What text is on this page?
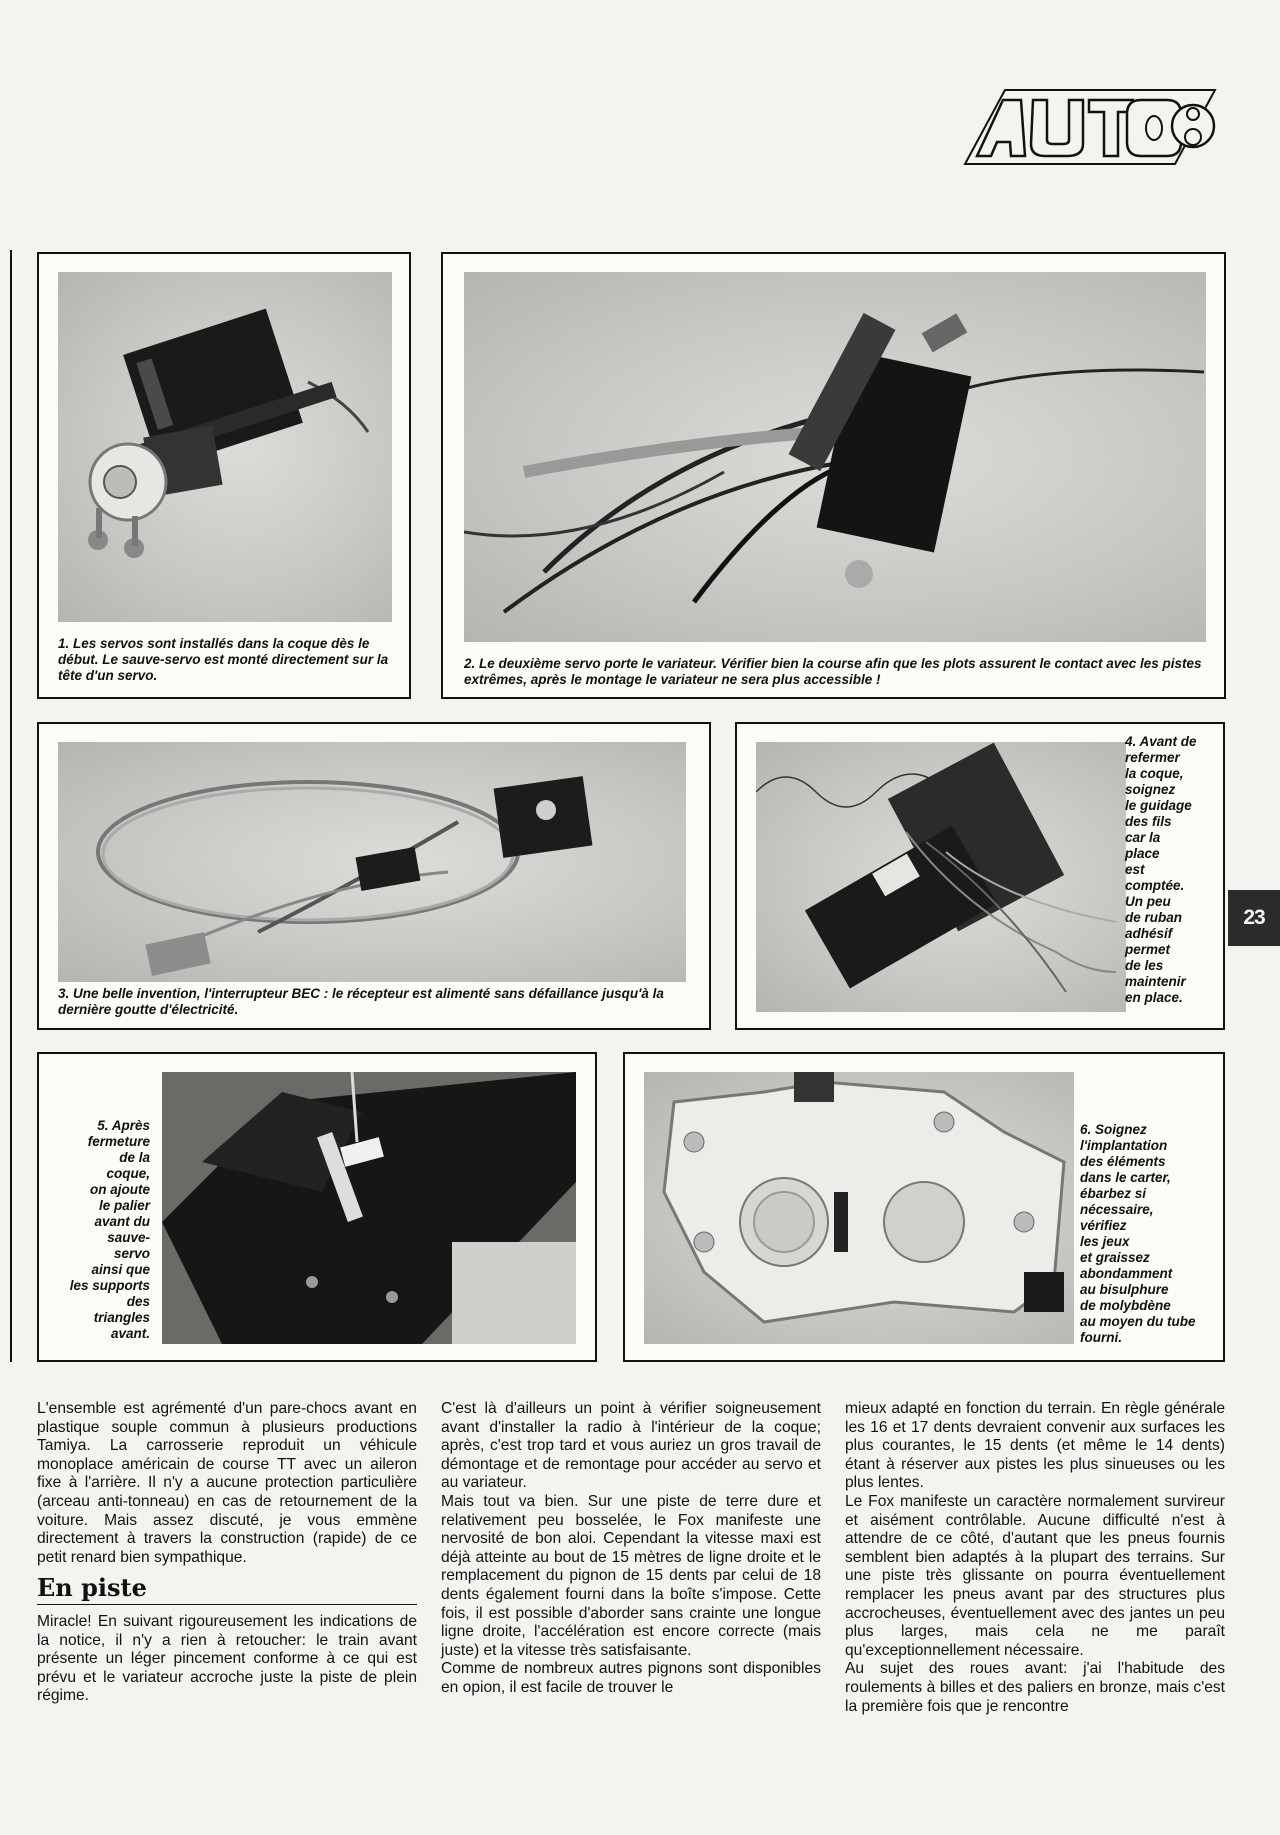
1. Les servos sont installés dans la coque dès le début. Le sauve-servo est monté directement sur la tête d'un servo.

2. Le deuxième servo porte le variateur. Vérifier bien la course afin que les plots assurent le contact avec les pistes extrêmes, après le montage le variateur ne sera plus accessible !

3. Une belle invention, l'interrupteur BEC : le récepteur est alimenté sans défaillance jusqu'à la dernière goutte d'électricité.

4. Avant de
refermer
la coque,
soignez
le guidage
des fils
car la
place
est
comptée.
Un peu
de ruban
adhésif
permet
de les
maintenir
en place.
23
5. Après
fermeture
de la
coque,
on ajoute
le palier
avant du
sauve-
servo
ainsi que
les supports
des
triangles
avant.
6. Soignez
l'implantation
des éléments
dans le carter,
ébarbez si
nécessaire,
vérifiez
les jeux
et graissez
abondamment
au bisulphure
de molybdène
au moyen du tube
fourni.

L'ensemble est agrémenté d'un pare-chocs avant en plastique souple commun à plusieurs productions Tamiya. La carrosserie reproduit un véhicule monoplace américain de course TT avec un aileron fixe à l'arrière. Il n'y a aucune protection particulière (arceau anti-tonneau) en cas de retournement de la voiture. Mais assez discuté, je vous emmène directement à travers la construction (rapide) de ce petit renard bien sympathique.

En piste

Miracle! En suivant rigoureusement les indications de la notice, il n'y a rien à retoucher: le train avant présente un léger pincement conforme à ce qui est prévu et le variateur accroche juste la piste de plein régime.

C'est là d'ailleurs un point à vérifier soigneusement avant d'installer la radio à l'intérieur de la coque; après, c'est trop tard et vous auriez un gros travail de démontage et de remontage pour accéder au servo et au variateur.

Mais tout va bien. Sur une piste de terre dure et relativement peu bosselée, le Fox manifeste une nervosité de bon aloi. Cependant la vitesse maxi est déjà atteinte au bout de 15 mètres de ligne droite et le remplacement du pignon de 15 dents par celui de 18 dents également fourni dans la boîte s'impose. Cette fois, il est possible d'aborder sans crainte une longue ligne droite, l'accélération est encore correcte (mais juste) et la vitesse très satisfaisante.

Comme de nombreux autres pignons sont disponibles en opion, il est facile de trouver le

mieux adapté en fonction du terrain. En règle générale les 16 et 17 dents devraient convenir aux surfaces les plus courantes, le 15 dents (et même le 14 dents) étant à réserver aux pistes les plus sinueuses ou les plus lentes.

Le Fox manifeste un caractère normalement survireur et aisément contrôlable. Aucune difficulté n'est à attendre de ce côté, d'autant que les pneus fournis semblent bien adaptés à la plupart des terrains. Sur une piste très glissante on pourra éventuellement remplacer les pneus avant par des structures plus accrocheuses, éventuellement avec des jantes un peu plus larges, mais cela ne me paraît qu'exceptionnellement nécessaire.

Au sujet des roues avant: j'ai l'habitude des roulements à billes et des paliers en bronze, mais c'est la première fois que je rencontre
